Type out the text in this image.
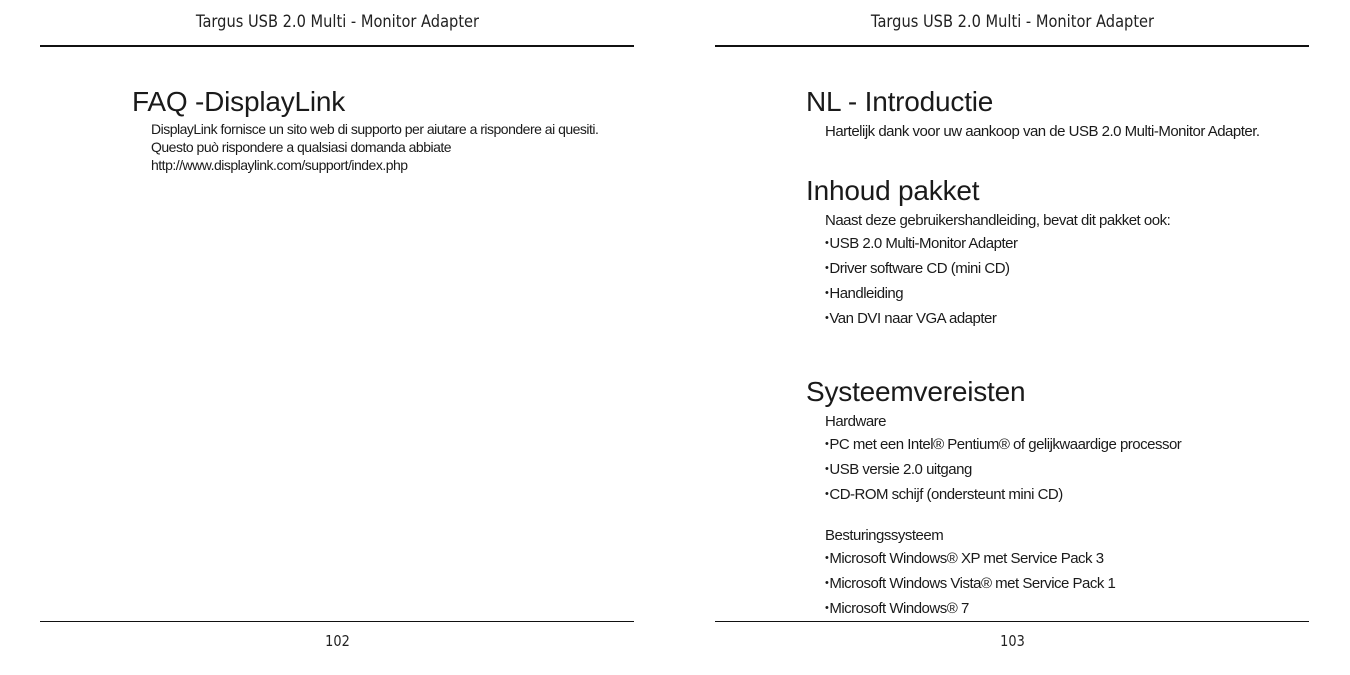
Targus USB 2.0 Multi - Monitor Adapter
FAQ -DisplayLink

DisplayLink fornisce un sito web di supporto per aiutare a rispondere ai quesiti.

Questo può rispondere a qualsiasi domanda abbiate

http://www.displaylink.com/support/index.php

102
Targus USB 2.0 Multi - Monitor Adapter
NL - Introductie
Hartelijk dank voor uw aankoop van de USB 2.0 Multi-Monitor Adapter.
Inhoud pakket
Naast deze gebruikershandleiding, bevat dit pakket ook:
• USB 2.0 Multi-Monitor Adapter
• Driver software CD (mini CD)
• Handleiding
• Van DVI naar VGA adapter
Systeemvereisten
Hardware
• PC met een Intel® Pentium® of gelijkwaardige processor
• USB versie 2.0 uitgang
• CD-ROM schijf (ondersteunt mini CD)
Besturingssysteem
• Microsoft Windows® XP met Service Pack 3
• Microsoft Windows Vista® met Service Pack 1
• Microsoft Windows® 7
103
